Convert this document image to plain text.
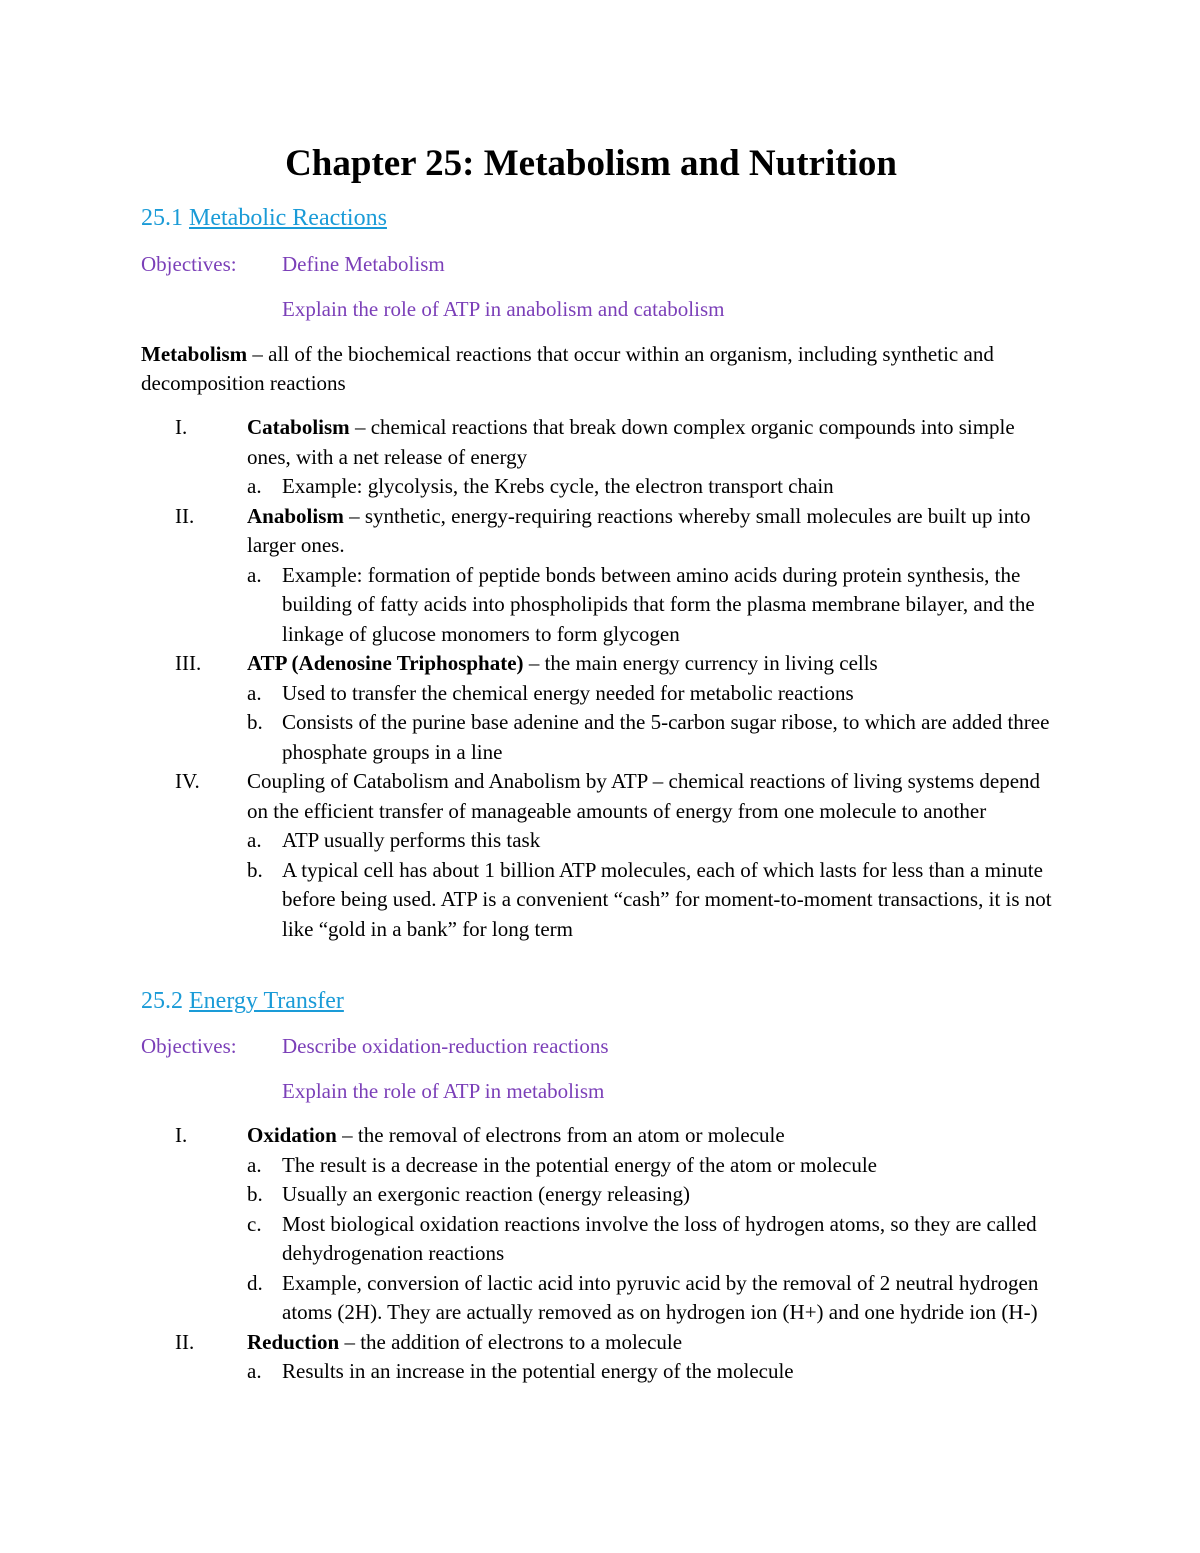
Chapter 25: Metabolism and Nutrition
25.1 Metabolic Reactions
Objectives: Define Metabolism
Explain the role of ATP in anabolism and catabolism

Metabolism – all of the biochemical reactions that occur within an organism, including synthetic and decomposition reactions

I.	Catabolism – chemical reactions that break down complex organic compounds into simple ones, with a net release of energy
a. Example: glycolysis, the Krebs cycle, the electron transport chain
II.	Anabolism – synthetic, energy-requiring reactions whereby small molecules are built up into larger ones.
a. Example: formation of peptide bonds between amino acids during protein synthesis, the building of fatty acids into phospholipids that form the plasma membrane bilayer, and the linkage of glucose monomers to form glycogen
III. ATP (Adenosine Triphosphate) – the main energy currency in living cells
a. Used to transfer the chemical energy needed for metabolic reactions
b. Consists of the purine base adenine and the 5-carbon sugar ribose, to which are added three phosphate groups in a line
IV. Coupling of Catabolism and Anabolism by ATP – chemical reactions of living systems depend on the efficient transfer of manageable amounts of energy from one molecule to another
a. ATP usually performs this task
b. A typical cell has about 1 billion ATP molecules, each of which lasts for less than a minute before being used. ATP is a convenient “cash” for moment-to-moment transactions, it is not like “gold in a bank” for long term
25.2 Energy Transfer
Objectives: Describe oxidation-reduction reactions
Explain the role of ATP in metabolism
I.	Oxidation – the removal of electrons from an atom or molecule
a. The result is a decrease in the potential energy of the atom or molecule
b. Usually an exergonic reaction (energy releasing)
c. Most biological oxidation reactions involve the loss of hydrogen atoms, so they are called dehydrogenation reactions
d. Example, conversion of lactic acid into pyruvic acid by the removal of 2 neutral hydrogen atoms (2H). They are actually removed as on hydrogen ion (H+) and one hydride ion (H-)
II.	Reduction – the addition of electrons to a molecule
a. Results in an increase in the potential energy of the molecule
